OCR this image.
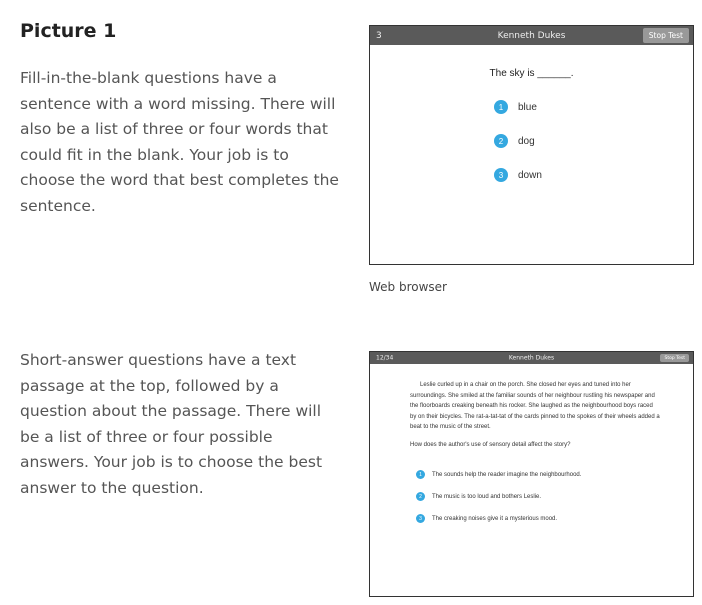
Picture 1
Fill-in-the-blank questions have a sentence with a word missing. There will also be a list of three or four words that could fit in the blank. Your job is to choose the word that best completes the sentence.
Short-answer questions have a text passage at the top, followed by a question about the passage. There will be a list of three or four possible answers. Your job is to choose the best answer to the question.
3	Kenneth Dukes	Stop Test
The sky is ______.
1	blue
2	dog
3	down
Web browser
12/34	Kenneth Dukes	Stop Test
Leslie curled up in a chair on the porch. She closed her eyes and tuned into her surroundings. She smiled at the familiar sounds of her neighbour rustling his newspaper and the floorboards creaking beneath his rocker. She laughed as the neighbourhood boys raced by on their bicycles. The rat-a-tat-tat of the cards pinned to the spokes of their wheels added a beat to the music of the street.
How does the author's use of sensory detail affect the story?
1	The sounds help the reader imagine the neighbourhood.
2	The music is too loud and bothers Leslie.
3	The creaking noises give it a mysterious mood.
